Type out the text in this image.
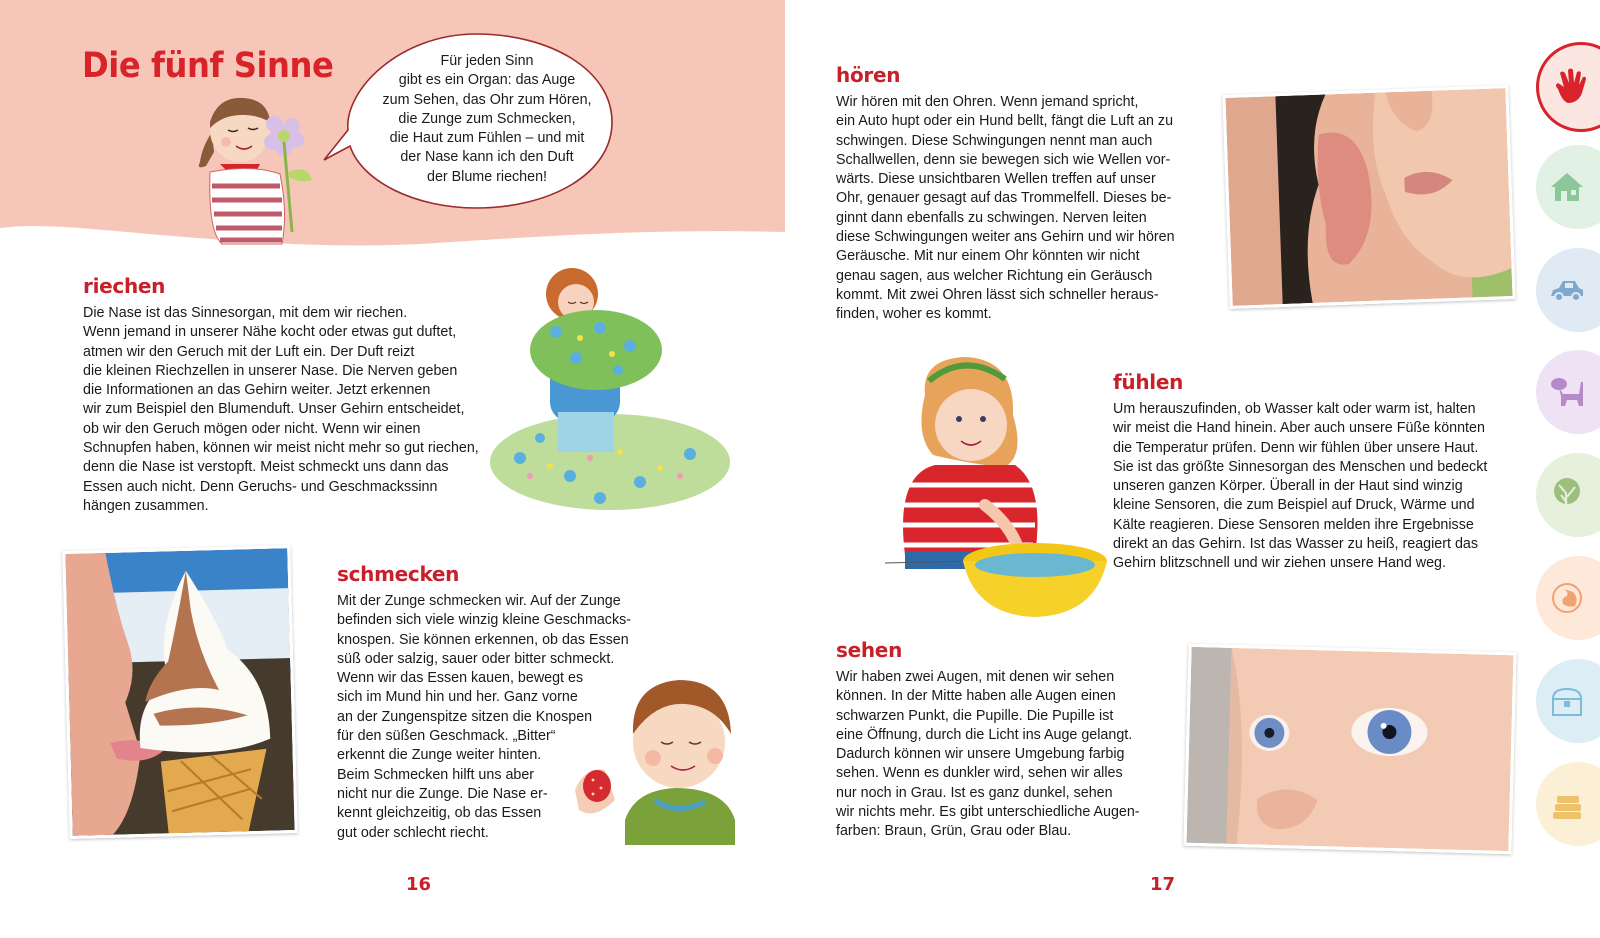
Die fünf Sinne	Für jeden Sinn
gibt es ein Organ: das Auge
zum Sehen, das Ohr zum Hören,
die Zunge zum Schmecken,
die Haut zum Fühlen – und mit
der Nase kann ich den Duft
der Blume riechen!
riechen
Die Nase ist das Sinnesorgan, mit dem wir riechen.
Wenn jemand in unserer Nähe kocht oder etwas gut duftet,
atmen wir den Geruch mit der Luft ein. Der Duft reizt
die kleinen Riechzellen in unserer Nase. Die Nerven geben
die Informationen an das Gehirn weiter. Jetzt erkennen
wir zum Beispiel den Blumenduft. Unser Gehirn entscheidet,
ob wir den Geruch mögen oder nicht. Wenn wir einen
Schnupfen haben, können wir meist nicht mehr so gut riechen,
denn die Nase ist verstopft. Meist schmeckt uns dann das
Essen auch nicht. Denn Geruchs- und Geschmackssinn
hängen zusammen.
schmecken
Mit der Zunge schmecken wir. Auf der Zunge
befinden sich viele winzig kleine Geschmacks-
knospen. Sie können erkennen, ob das Essen
süß oder salzig, sauer oder bitter schmeckt.
Wenn wir das Essen kauen, bewegt es
sich im Mund hin und her. Ganz vorne
an der Zungenspitze sitzen die Knospen
für den süßen Geschmack. „Bitter“
erkennt die Zunge weiter hinten.
Beim Schmecken hilft uns aber
nicht nur die Zunge. Die Nase er-
kennt gleichzeitig, ob das Essen
gut oder schlecht riecht.
hören
Wir hören mit den Ohren. Wenn jemand spricht,
ein Auto hupt oder ein Hund bellt, fängt die Luft an zu
schwingen. Diese Schwingungen nennt man auch
Schallwellen, denn sie bewegen sich wie Wellen vor-
wärts. Diese unsichtbaren Wellen treffen auf unser
Ohr, genauer gesagt auf das Trommelfell. Dieses be-
ginnt dann ebenfalls zu schwingen. Nerven leiten
diese Schwingungen weiter ans Gehirn und wir hören
Geräusche. Mit nur einem Ohr könnten wir nicht
genau sagen, aus welcher Richtung ein Geräusch
kommt. Mit zwei Ohren lässt sich schneller heraus-
finden, woher es kommt.
fühlen
Um herauszufinden, ob Wasser kalt oder warm ist, halten
wir meist die Hand hinein. Aber auch unsere Füße könnten
die Temperatur prüfen. Denn wir fühlen über unsere Haut.
Sie ist das größte Sinnesorgan des Menschen und bedeckt
unseren ganzen Körper. Überall in der Haut sind winzig
kleine Sensoren, die zum Beispiel auf Druck, Wärme und
Kälte reagieren. Diese Sensoren melden ihre Ergebnisse
direkt an das Gehirn. Ist das Wasser zu heiß, reagiert das
Gehirn blitzschnell und wir ziehen unsere Hand weg.
sehen
Wir haben zwei Augen, mit denen wir sehen
können. In der Mitte haben alle Augen einen
schwarzen Punkt, die Pupille. Die Pupille ist
eine Öffnung, durch die Licht ins Auge gelangt.
Dadurch können wir unsere Umgebung farbig
sehen. Wenn es dunkler wird, sehen wir alles
nur noch in Grau. Ist es ganz dunkel, sehen
wir nichts mehr. Es gibt unterschiedliche Augen-
farben: Braun, Grün, Grau oder Blau.
16	17
